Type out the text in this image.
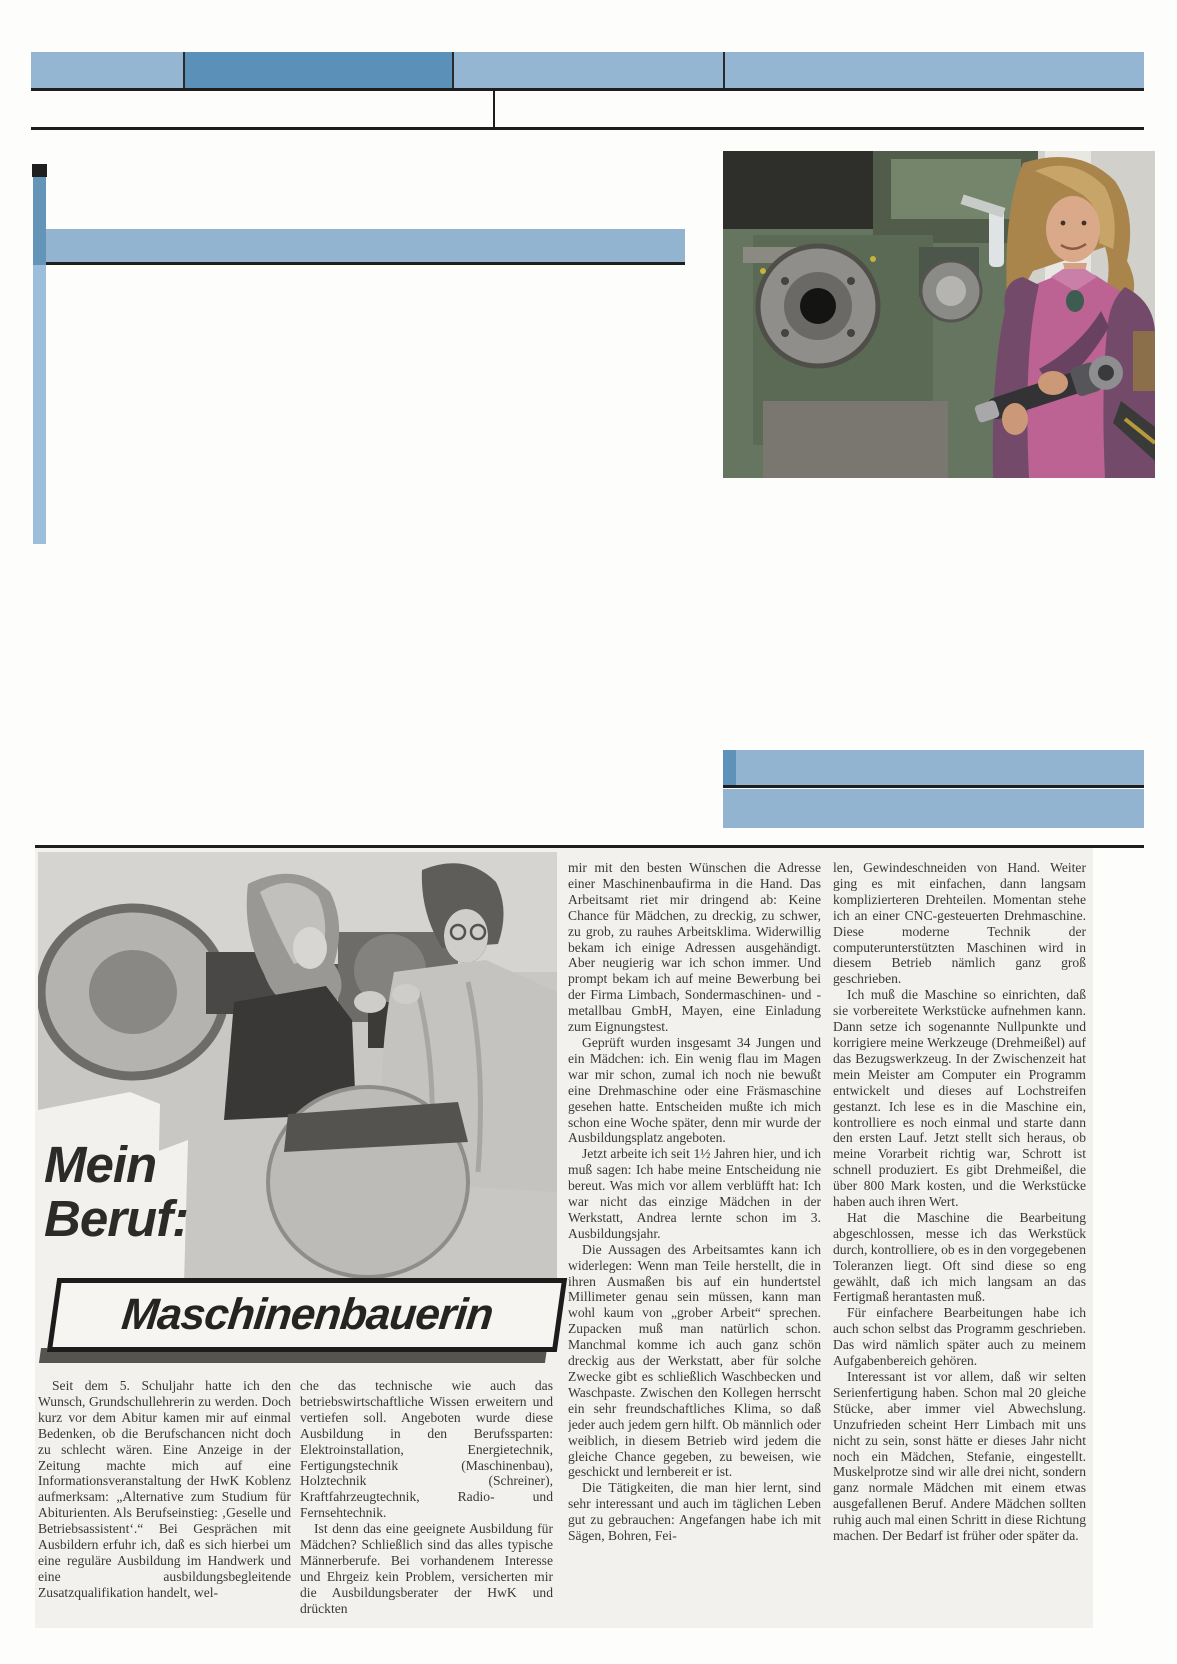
Mein
Beruf:
Maschinenbauerin

Seit dem 5. Schuljahr hatte ich den Wunsch, Grundschullehrerin zu werden. Doch kurz vor dem Abitur kamen mir auf einmal Bedenken, ob die Berufschancen nicht doch zu schlecht wären. Eine Anzeige in der Zeitung machte mich auf eine Informationsveranstaltung der HwK Koblenz aufmerksam: „Alternative zum Studium für Abiturienten. Als Berufseinstieg: ‚Geselle und Betriebsassistent‘.“ Bei Gesprächen mit Ausbildern erfuhr ich, daß es sich hierbei um eine reguläre Ausbildung im Handwerk und eine ausbildungsbegleitende Zusatzqualifikation handelt, wel-

che das technische wie auch das betriebswirtschaftliche Wissen erweitern und vertiefen soll. Angeboten wurde diese Ausbildung in den Berufssparten: Elektroinstallation, Energietechnik, Fertigungstechnik (Maschinenbau), Holztechnik (Schreiner), Kraftfahrzeugtechnik, Radio- und Fernsehtechnik.

Ist denn das eine geeignete Ausbildung für Mädchen? Schließlich sind das alles typische Männerberufe. Bei vorhandenem Interesse und Ehrgeiz kein Problem, versicherten mir die Ausbildungsberater der HwK und drückten

mir mit den besten Wünschen die Adresse einer Maschinenbaufirma in die Hand. Das Arbeitsamt riet mir dringend ab: Keine Chance für Mädchen, zu dreckig, zu schwer, zu grob, zu rauhes Arbeitsklima. Widerwillig bekam ich einige Adressen ausgehändigt. Aber neugierig war ich schon immer. Und prompt bekam ich auf meine Bewerbung bei der Firma Limbach, Sondermaschinen- und -metallbau GmbH, Mayen, eine Einladung zum Eignungstest.

Geprüft wurden insgesamt 34 Jungen und ein Mädchen: ich. Ein wenig flau im Magen war mir schon, zumal ich noch nie bewußt eine Drehmaschine oder eine Fräsmaschine gesehen hatte. Entscheiden mußte ich mich schon eine Woche später, denn mir wurde der Ausbildungsplatz angeboten.

Jetzt arbeite ich seit 1½ Jahren hier, und ich muß sagen: Ich habe meine Entscheidung nie bereut. Was mich vor allem verblüfft hat: Ich war nicht das einzige Mädchen in der Werkstatt, Andrea lernte schon im 3. Ausbildungsjahr.

Die Aussagen des Arbeitsamtes kann ich widerlegen: Wenn man Teile herstellt, die in ihren Ausmaßen bis auf ein hundertstel Millimeter genau sein müssen, kann man wohl kaum von „grober Arbeit“ sprechen. Zupacken muß man natürlich schon. Manchmal komme ich auch ganz schön dreckig aus der Werkstatt, aber für solche Zwecke gibt es schließlich Waschbecken und Waschpaste. Zwischen den Kollegen herrscht ein sehr freundschaftliches Klima, so daß jeder auch jedem gern hilft. Ob männlich oder weiblich, in diesem Betrieb wird jedem die gleiche Chance gegeben, zu beweisen, wie geschickt und lernbereit er ist.

Die Tätigkeiten, die man hier lernt, sind sehr interessant und auch im täglichen Leben gut zu gebrauchen: Angefangen habe ich mit Sägen, Bohren, Fei-

len, Gewindeschneiden von Hand. Weiter ging es mit einfachen, dann langsam komplizierteren Drehteilen. Momentan stehe ich an einer CNC-gesteuerten Drehmaschine. Diese moderne Technik der computerunterstützten Maschinen wird in diesem Betrieb nämlich ganz groß geschrieben.

Ich muß die Maschine so einrichten, daß sie vorbereitete Werkstücke aufnehmen kann. Dann setze ich sogenannte Nullpunkte und korrigiere meine Werkzeuge (Drehmeißel) auf das Bezugswerkzeug. In der Zwischenzeit hat mein Meister am Computer ein Programm entwickelt und dieses auf Lochstreifen gestanzt. Ich lese es in die Maschine ein, kontrolliere es noch einmal und starte dann den ersten Lauf. Jetzt stellt sich heraus, ob meine Vorarbeit richtig war, Schrott ist schnell produziert. Es gibt Drehmeißel, die über 800 Mark kosten, und die Werkstücke haben auch ihren Wert.

Hat die Maschine die Bearbeitung abgeschlossen, messe ich das Werkstück durch, kontrolliere, ob es in den vorgegebenen Toleranzen liegt. Oft sind diese so eng gewählt, daß ich mich langsam an das Fertigmaß herantasten muß.

Für einfachere Bearbeitungen habe ich auch schon selbst das Programm geschrieben. Das wird nämlich später auch zu meinem Aufgabenbereich gehören.

Interessant ist vor allem, daß wir selten Serienfertigung haben. Schon mal 20 gleiche Stücke, aber immer viel Abwechslung. Unzufrieden scheint Herr Limbach mit uns nicht zu sein, sonst hätte er dieses Jahr nicht noch ein Mädchen, Stefanie, eingestellt. Muskelprotze sind wir alle drei nicht, sondern ganz normale Mädchen mit einem etwas ausgefallenen Beruf. Andere Mädchen sollten ruhig auch mal einen Schritt in diese Richtung machen. Der Bedarf ist früher oder später da.
